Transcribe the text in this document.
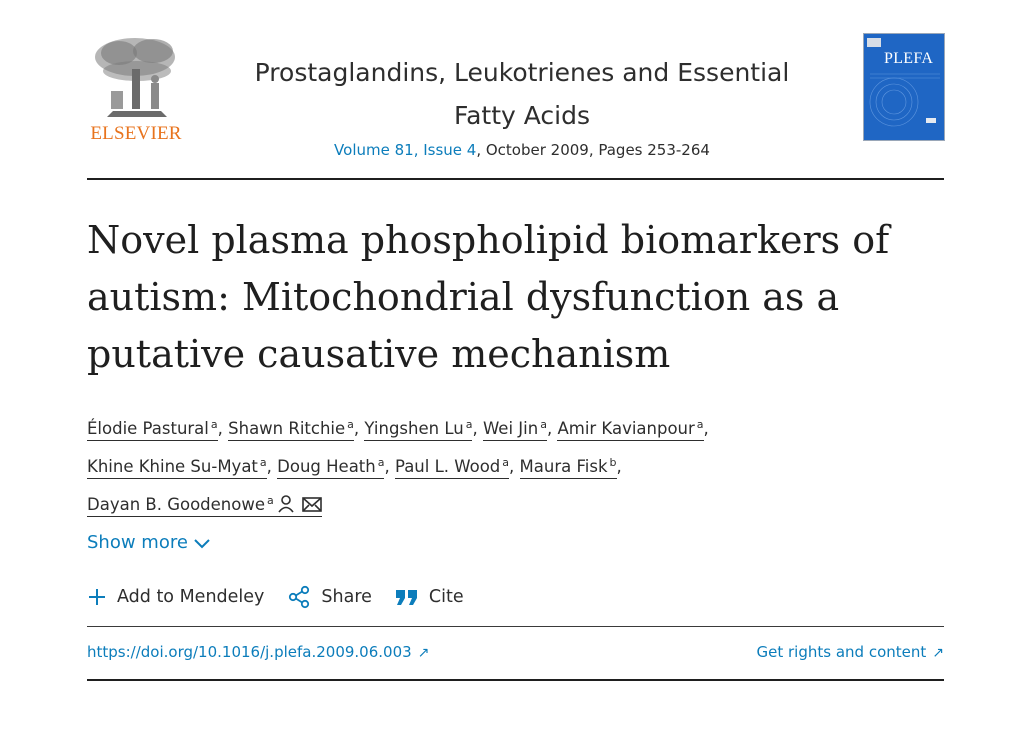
ELSEVIER
Prostaglandins, Leukotrienes and Essential
Fatty Acids
Volume 81, Issue 4, October 2009, Pages 253-264
PLEFA
Novel plasma phospholipid biomarkers of autism: Mitochondrial dysfunction as a putative causative mechanism
Élodie Pastural $^a$, Shawn Ritchie $^a$, Yingshen Lu $^a$, Wei Jin $^a$, Amir Kavianpour $^a$,
Khine Khine Su-Myat $^a$, Doug Heath $^a$, Paul L. Wood $^a$, Maura Fisk $^b$,
Dayan B. Goodenowe $^a$
Show more
Add to Mendeley	Share	Cite
https://doi.org/10.1016/j.plefa.2009.06.003 ↗	Get rights and content ↗
